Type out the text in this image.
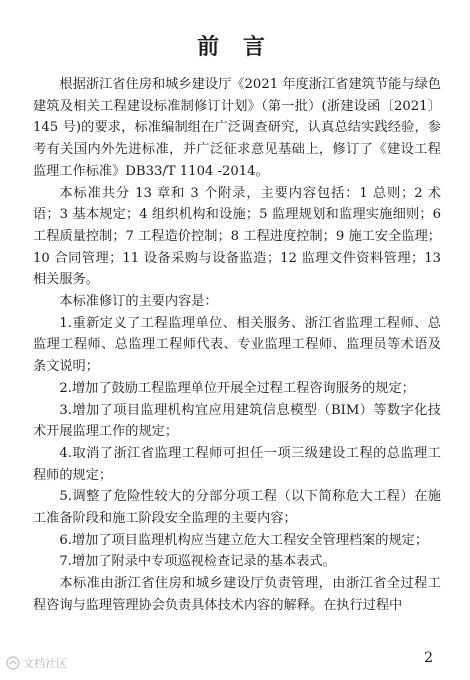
前 言

根据浙江省住房和城乡建设厅《2021 年度浙江省建筑节能与绿色建筑及相关工程建设标准制修订计划》（第一批）(浙建设函〔2021〕145 号)的要求，标准编制组在广泛调查研究，认真总结实践经验，参考有关国内外先进标准，并广泛征求意见基础上，修订了《建设工程监理工作标准》DB33/T 1104 -2014。

本标准共分 13 章和 3 个附录，主要内容包括：1 总则；2 术语；3 基本规定；4 组织机构和设施；5 监理规划和监理实施细则；6 工程质量控制；7 工程造价控制；8 工程进度控制；9 施工安全监理；10 合同管理；11 设备采购与设备监造；12 监理文件资料管理；13 相关服务。

本标准修订的主要内容是：

1.重新定义了工程监理单位、相关服务、浙江省监理工程师、总监理工程师、总监理工程师代表、专业监理工程师、监理员等术语及条文说明；

2.增加了鼓励工程监理单位开展全过程工程咨询服务的规定；

3.增加了项目监理机构宜应用建筑信息模型（BIM）等数字化技术开展监理工作的规定；

4.取消了浙江省监理工程师可担任一项三级建设工程的总监理工程师的规定；

5.调整了危险性较大的分部分项工程（以下简称危大工程）在施工准备阶段和施工阶段安全监理的主要内容；

6.增加了项目监理机构应当建立危大工程安全管理档案的规定；

7.增加了附录中专项巡视检查记录的基本表式。

本标准由浙江省住房和城乡建设厅负责管理，由浙江省全过程工程咨询与监理管理协会负责具体技术内容的解释。在执行过程中

2
文档社区
